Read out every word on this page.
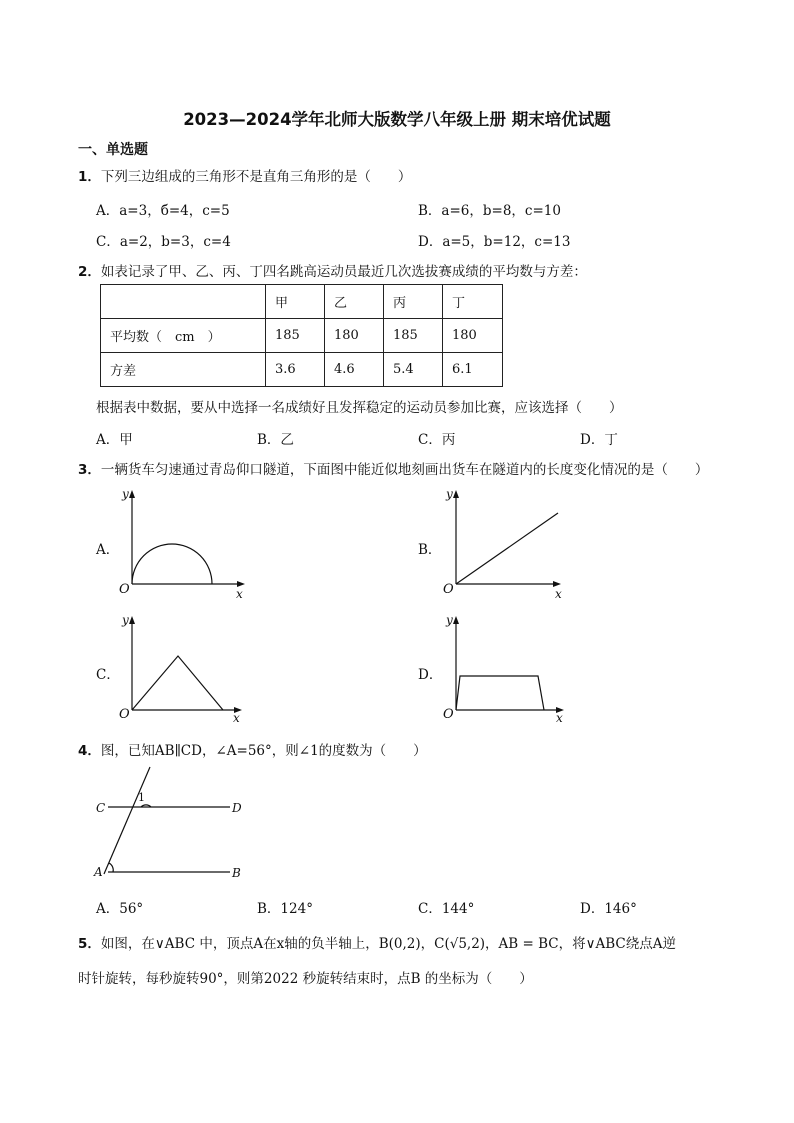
2023—2024学年北师大版数学八年级上册 期末培优试题
一、单选题
1．下列三边组成的三角形不是直角三角形的是（　　）
A．a=3，б=4，c=5	B．a=6，b=8，c=10
C．a=2，b=3，c=4	D．a=5，b=12，c=13
2．如表记录了甲、乙、丙、丁四名跳高运动员最近几次选拔赛成绩的平均数与方差：
	甲	乙	丙	丁
平均数（　cm　）	185	180	185	180
方差	3.6	4.6	5.4	6.1
根据表中数据，要从中选择一名成绩好且发挥稳定的运动员参加比赛，应该选择（　　）
A．甲	B．乙	C．丙	D．丁
3．一辆货车匀速通过青岛仰口隧道，下面图中能近似地刻画出货车在隧道内的长度变化情况的是（　　）
A．
y
x
O
B．
y
x
O
C．
y
x
O
D．
y
x
O
4．图，已知AB∥CD，∠A=56°，则∠1的度数为（　　）
C	D
A	B
1
A．56°	B．124°	C．144°	D．146°
5．如图，在∨ABC 中，顶点A在x轴的负半轴上，B(0,2)，C(√5,2)，AB = BC，将∨ABC绕点A逆
时针旋转，每秒旋转90°，则第2022 秒旋转结束时，点B 的坐标为（　　）
